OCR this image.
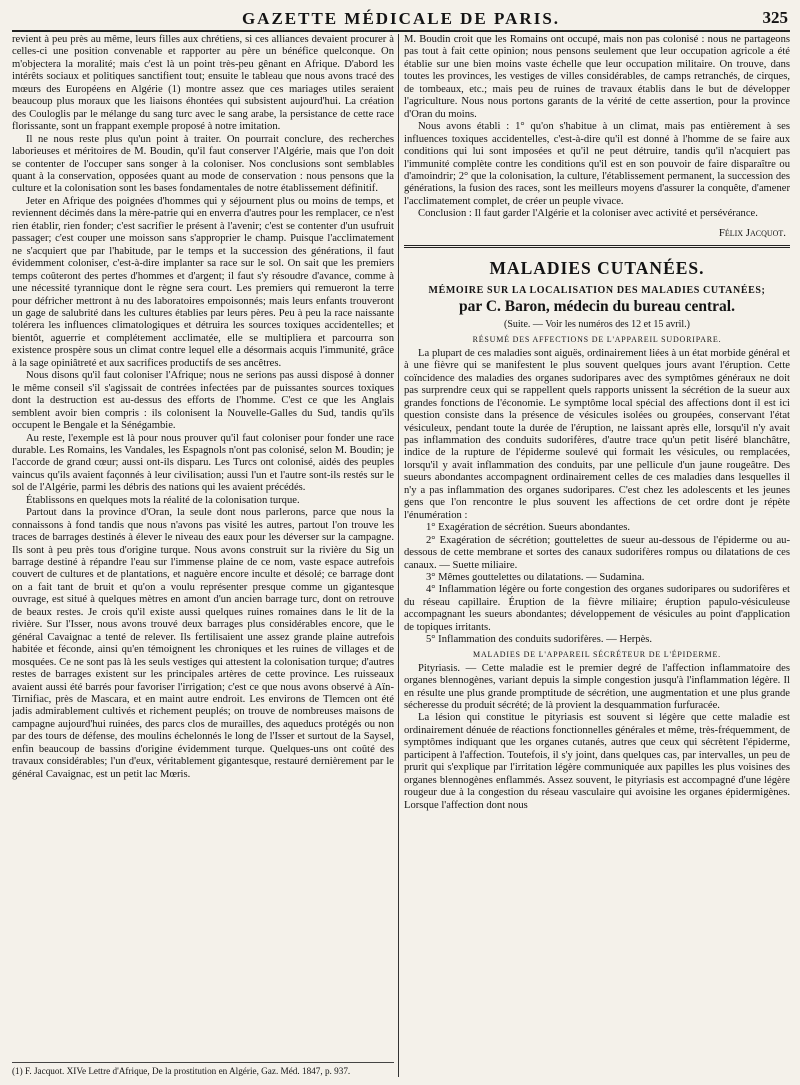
GAZETTE MÉDICALE DE PARIS.	325

revient à peu près au même, leurs filles aux chrétiens, si ces alliances devaient procurer à celles-ci une position convenable et rapporter au père un bénéfice quelconque. On m'objectera la moralité; mais c'est là un point très-peu gênant en Afrique. D'abord les intérêts sociaux et politiques sanctifient tout; ensuite le tableau que nous avons tracé des mœurs des Européens en Algérie (1) montre assez que ces mariages utiles seraient beaucoup plus moraux que les liaisons éhontées qui subsistent aujourd'hui. La création des Couloglis par le mélange du sang turc avec le sang arabe, la persistance de cette race florissante, sont un frappant exemple proposé à notre imitation.

Il ne nous reste plus qu'un point à traiter. On pourrait conclure, des recherches laborieuses et méritoires de M. Boudin, qu'il faut conserver l'Algérie, mais que l'on doit se contenter de l'occuper sans songer à la coloniser. Nos conclusions sont semblables quant à la conservation, opposées quant au mode de conservation : nous pensons que la culture et la colonisation sont les bases fondamentales de notre établissement définitif.

Jeter en Afrique des poignées d'hommes qui y séjournent plus ou moins de temps, et reviennent décimés dans la mère-patrie qui en enverra d'autres pour les remplacer, ce n'est rien établir, rien fonder; c'est sacrifier le présent à l'avenir; c'est se contenter d'un usufruit passager; c'est couper une moisson sans s'approprier le champ. Puisque l'acclimatement ne s'acquiert que par l'habitude, par le temps et la succession des générations, il faut évidemment coloniser, c'est-à-dire implanter sa race sur le sol. On sait que les premiers temps coûteront des pertes d'hommes et d'argent; il faut s'y résoudre d'avance, comme à une nécessité tyrannique dont le règne sera court. Les premiers qui remueront la terre pour défricher mettront à nu des laboratoires empoisonnés; mais leurs enfants trouveront un gage de salubrité dans les cultures établies par leurs pères. Peu à peu la race naissante tolérera les influences climatologiques et détruira les sources toxiques accidentelles; et bientôt, aguerrie et complétement acclimatée, elle se multipliera et parcourra son existence prospère sous un climat contre lequel elle a désormais acquis l'immunité, grâce à la sage opiniâtreté et aux sacrifices productifs de ses ancêtres.

Nous disons qu'il faut coloniser l'Afrique; nous ne serions pas aussi disposé à donner le même conseil s'il s'agissait de contrées infectées par de puissantes sources toxiques dont la destruction est au-dessus des efforts de l'homme. C'est ce que les Anglais semblent avoir bien compris : ils colonisent la Nouvelle-Galles du Sud, tandis qu'ils occupent le Bengale et la Sénégambie.

Au reste, l'exemple est là pour nous prouver qu'il faut coloniser pour fonder une race durable. Les Romains, les Vandales, les Espagnols n'ont pas colonisé, selon M. Boudin; je l'accorde de grand cœur; aussi ont-ils disparu. Les Turcs ont colonisé, aidés des peuples vaincus qu'ils avaient façonnés à leur civilisation; aussi l'un et l'autre sont-ils restés sur le sol de l'Algérie, parmi les débris des nations qui les avaient précédés.

Établissons en quelques mots la réalité de la colonisation turque.

Partout dans la province d'Oran, la seule dont nous parlerons, parce que nous la connaissons à fond tandis que nous n'avons pas visité les autres, partout l'on trouve les traces de barrages destinés à élever le niveau des eaux pour les déverser sur la campagne. Ils sont à peu près tous d'origine turque. Nous avons construit sur la rivière du Sig un barrage destiné à répandre l'eau sur l'immense plaine de ce nom, vaste espace autrefois couvert de cultures et de plantations, et naguère encore inculte et désolé; ce barrage dont on a fait tant de bruit et qu'on a voulu représenter presque comme un gigantesque ouvrage, est situé à quelques mètres en amont d'un ancien barrage turc, dont on retrouve de beaux restes. Je crois qu'il existe aussi quelques ruines romaines dans le lit de la rivière. Sur l'Isser, nous avons trouvé deux barrages plus considérables encore, que le général Cavaignac a tenté de relever. Ils fertilisaient une assez grande plaine autrefois habitée et féconde, ainsi qu'en témoignent les chroniques et les ruines de villages et de mosquées. Ce ne sont pas là les seuls vestiges qui attestent la colonisation turque; d'autres restes de barrages existent sur les principales artères de cette province. Les ruisseaux avaient aussi été barrés pour favoriser l'irrigation; c'est ce que nous avons observé à Aïn-Tirnifiac, près de Mascara, et en maint autre endroit. Les environs de Tlemcen ont été jadis admirablement cultivés et richement peuplés; on trouve de nombreuses maisons de campagne aujourd'hui ruinées, des parcs clos de murailles, des aqueducs protégés ou non par des tours de défense, des moulins échelonnés le long de l'Isser et surtout de la Saysel, enfin beaucoup de bassins d'origine évidemment turque. Quelques-uns ont coûté des travaux considérables; l'un d'eux, véritablement gigantesque, restauré dernièrement par le général Cavaignac, est un petit lac Mœris.

(1) F. Jacquot. XIVe Lettre d'Afrique, De la prostitution en Algérie, Gaz. Méd. 1847, p. 937.

M. Boudin croit que les Romains ont occupé, mais non pas colonisé : nous ne partageons pas tout à fait cette opinion; nous pensons seulement que leur occupation agricole a été établie sur une bien moins vaste échelle que leur occupation militaire. On trouve, dans toutes les provinces, les vestiges de villes considérables, de camps retranchés, de cirques, de tombeaux, etc.; mais peu de ruines de travaux établis dans le but de développer l'agriculture. Nous nous portons garants de la vérité de cette assertion, pour la province d'Oran du moins.

Nous avons établi : 1° qu'on s'habitue à un climat, mais pas entièrement à ses influences toxiques accidentelles, c'est-à-dire qu'il est donné à l'homme de se faire aux conditions qui lui sont imposées et qu'il ne peut détruire, tandis qu'il n'acquiert pas l'immunité complète contre les conditions qu'il est en son pouvoir de faire disparaître ou d'amoindrir; 2° que la colonisation, la culture, l'établissement permanent, la succession des générations, la fusion des races, sont les meilleurs moyens d'assurer la conquête, d'amener l'acclimatement complet, de créer un peuple vivace.

Conclusion : Il faut garder l'Algérie et la coloniser avec activité et persévérance.

Félix Jacquot.
MALADIES CUTANÉES.
MÉMOIRE SUR LA LOCALISATION DES MALADIES CUTANÉES;
par C. Baron, médecin du bureau central.
(Suite. — Voir les numéros des 12 et 15 avril.)
RÉSUMÉ DES AFFECTIONS DE L'APPAREIL SUDORIPARE.

La plupart de ces maladies sont aiguës, ordinairement liées à un état morbide général et à une fièvre qui se manifestent le plus souvent quelques jours avant l'éruption. Cette coïncidence des maladies des organes sudoripares avec des symptômes généraux ne doit pas surprendre ceux qui se rappellent quels rapports unissent la sécrétion de la sueur aux grandes fonctions de l'économie. Le symptôme local spécial des affections dont il est ici question consiste dans la présence de vésicules isolées ou groupées, conservant l'état vésiculeux, pendant toute la durée de l'éruption, ne laissant après elle, lorsqu'il n'y avait pas inflammation des conduits sudorifères, d'autre trace qu'un petit liséré blanchâtre, indice de la rupture de l'épiderme soulevé qui formait les vésicules, ou remplacées, lorsqu'il y avait inflammation des conduits, par une pellicule d'un jaune rougeâtre. Des sueurs abondantes accompagnent ordinairement celles de ces maladies dans lesquelles il n'y a pas inflammation des organes sudoripares. C'est chez les adolescents et les jeunes gens que l'on rencontre le plus souvent les affections de cet ordre dont je répète l'énumération :

1° Exagération de sécrétion. Sueurs abondantes.

2° Exagération de sécrétion; gouttelettes de sueur au-dessous de l'épiderme ou au-dessous de cette membrane et sortes des canaux sudorifères rompus ou dilatations de ces canaux. — Suette miliaire.

3° Mêmes gouttelettes ou dilatations. — Sudamina.

4° Inflammation légère ou forte congestion des organes sudoripares ou sudorifères et du réseau capillaire. Éruption de la fièvre miliaire; éruption papulo-vésiculeuse accompagnant les sueurs abondantes; développement de vésicules au point d'application de topiques irritants.

5° Inflammation des conduits sudorifères. — Herpès.

MALADIES DE L'APPAREIL SÉCRÉTEUR DE L'ÉPIDERME.

Pityriasis. — Cette maladie est le premier degré de l'affection inflammatoire des organes blennogènes, variant depuis la simple congestion jusqu'à l'inflammation légère. Il en résulte une plus grande promptitude de sécrétion, une augmentation et une plus grande sécheresse du produit sécrété; de là provient la desquammation furfuracée.

La lésion qui constitue le pityriasis est souvent si légère que cette maladie est ordinairement dénuée de réactions fonctionnelles générales et même, très-fréquemment, de symptômes indiquant que les organes cutanés, autres que ceux qui sécrètent l'épiderme, participent à l'affection. Toutefois, il s'y joint, dans quelques cas, par intervalles, un peu de prurit qui s'explique par l'irritation légère communiquée aux papilles les plus voisines des organes blennogènes enflammés. Assez souvent, le pityriasis est accompagné d'une légère rougeur due à la congestion du réseau vasculaire qui avoisine les organes épidermigènes. Lorsque l'affection dont nous
